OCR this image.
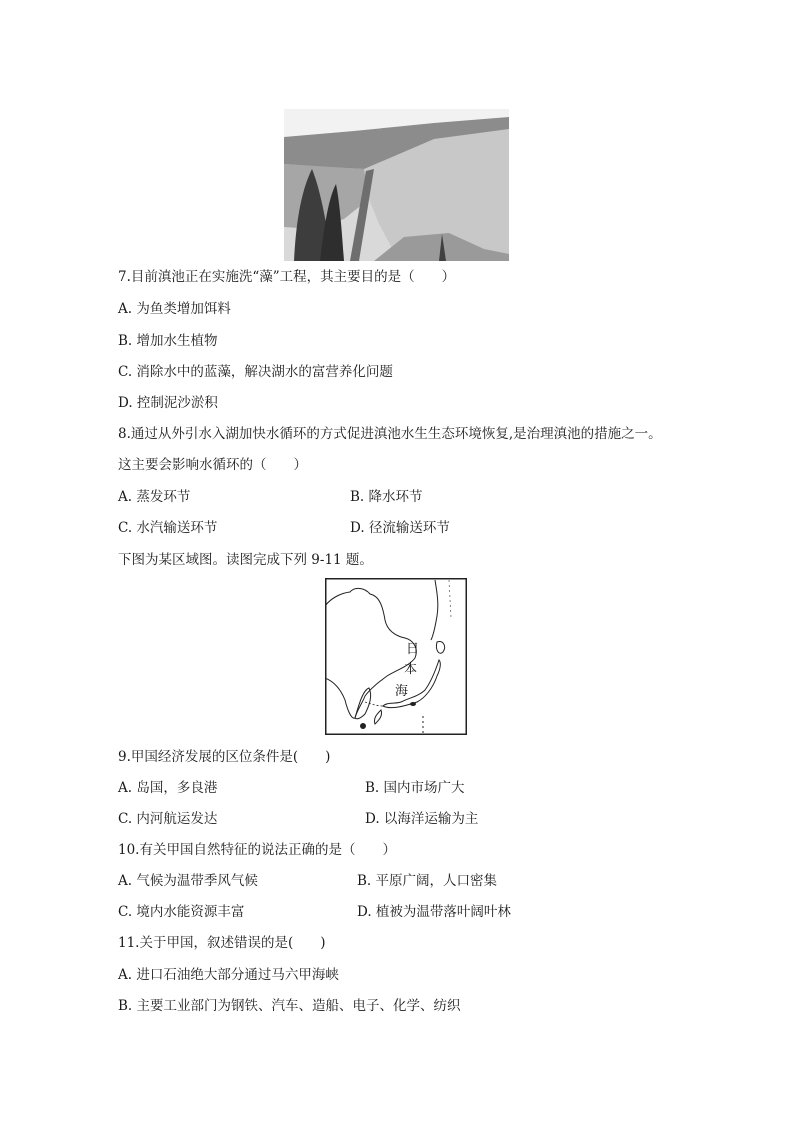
7.目前滇池正在实施洗“藻”工程，其主要目的是（　　）
A. 为鱼类增加饵料
B. 增加水生植物
C. 消除水中的蓝藻，解决湖水的富营养化问题
D. 控制泥沙淤积
8.通过从外引水入湖加快水循环的方式促进滇池水生生态环境恢复,是治理滇池的措施之一。
这主要会影响水循环的（　　）
A. 蒸发环节	B. 降水环节
C. 水汽输送环节	D. 径流输送环节
下图为某区域图。读图完成下列 9-11 题。
日
本
海
9.甲国经济发展的区位条件是(　　)
A. 岛国，多良港	B. 国内市场广大
C. 内河航运发达	D. 以海洋运输为主
10.有关甲国自然特征的说法正确的是（　　）
A. 气候为温带季风气候	B. 平原广阔，人口密集
C. 境内水能资源丰富	D. 植被为温带落叶阔叶林
11.关于甲国，叙述错误的是(　　)
A. 进口石油绝大部分通过马六甲海峡
B. 主要工业部门为钢铁、汽车、造船、电子、化学、纺织
